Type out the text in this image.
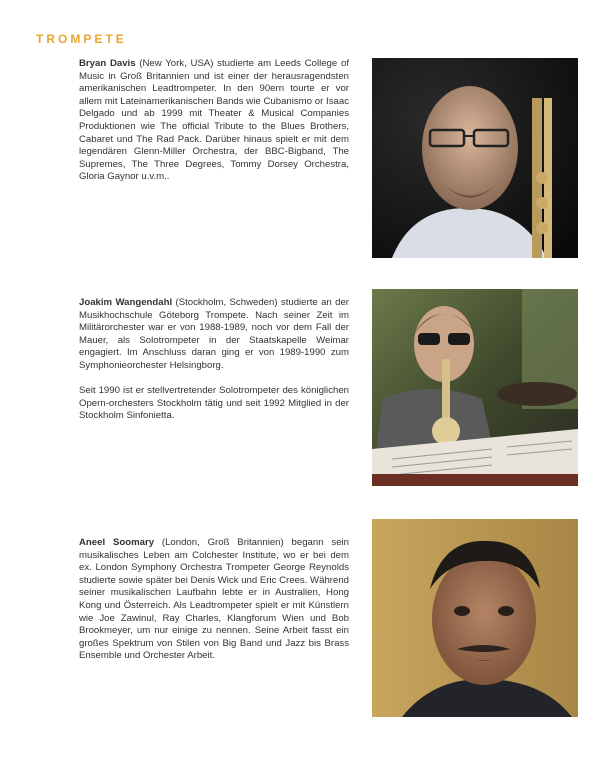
TROMPETE

Bryan Davis (New York, USA) studierte am Leeds College of Music in Groß Britannien und ist einer der herausragendsten amerikanischen Leadtrompeter. In den 90ern tourte er vor allem mit Lateinamerikanischen Bands wie Cubanismo or Isaac Delgado und ab 1999 mit Theater & Musical Companies Produktionen wie The official Tribute to the Blues Brothers, Cabaret und The Rad Pack. Darüber hinaus spielt er mit dem legendären Glenn-Miller Orchestra, der BBC-Bigband, The Supremes, The Three Degrees, Tommy Dorsey Orchestra, Gloria Gaynor u.v.m..

Joakim Wangendahl (Stockholm, Schweden) studierte an der Musikhochschule Göteborg Trompete. Nach seiner Zeit im Militärorchester war er von 1988-1989, noch vor dem Fall der Mauer, als Solotrompeter in der Staatskapelle Weimar engagiert. Im Anschluss daran ging er von 1989-1990 zum Symphonieorchester Helsingborg.

Seit 1990 ist er stellvertretender Solotrompeter des königlichen Opern-orchesters Stockholm tätig und seit 1992 Mitglied in der Stockholm Sinfonietta.

Aneel Soomary (London, Groß Britannien) begann sein musikalisches Leben am Colchester Institute, wo er bei dem ex. London Symphony Orchestra Trompeter George Reynolds studierte sowie später bei Denis Wick und Eric Crees. Während seiner musikalischen Laufbahn lebte er in Australien, Hong Kong und Österreich. Als Leadtrompeter spielt er mit Künstlern wie Joe Zawinul, Ray Charles, Klangforum Wien und Bob Brookmeyer, um nur einige zu nennen. Seine Arbeit fasst ein großes Spektrum von Stilen von Big Band und Jazz bis Brass Ensemble und Orchester Arbeit.
